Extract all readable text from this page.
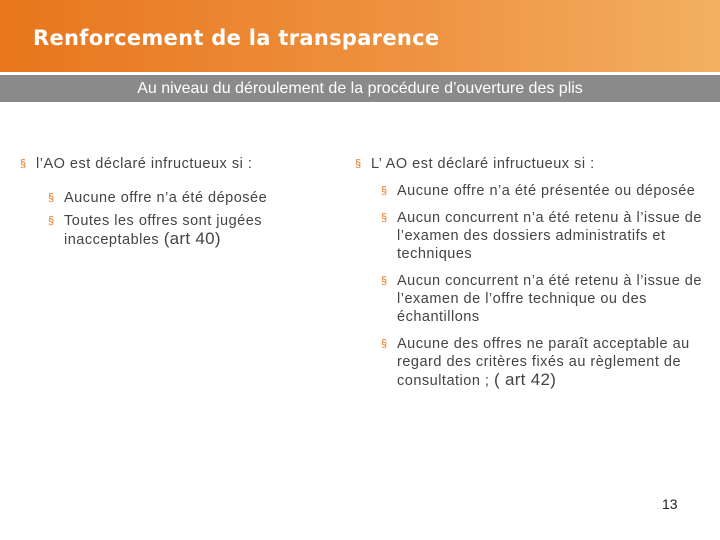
Renforcement de la transparence
Au niveau du déroulement de la procédure d’ouverture des plis
§ l’AO est déclaré infructueux si :
§ Aucune offre n’a été déposée
§ Toutes les offres sont jugées inacceptables (art 40)
§ L’ AO est déclaré infructueux si :
§ Aucune offre n’a été présentée ou déposée
§ Aucun concurrent n’a été retenu à l’issue de l’examen des dossiers administratifs et techniques
§ Aucun concurrent n’a été retenu à l’issue de l’examen de l’offre technique ou des échantillons
§ Aucune des offres ne paraît acceptable au regard des critères fixés au règlement de consultation ; ( art 42)
13
